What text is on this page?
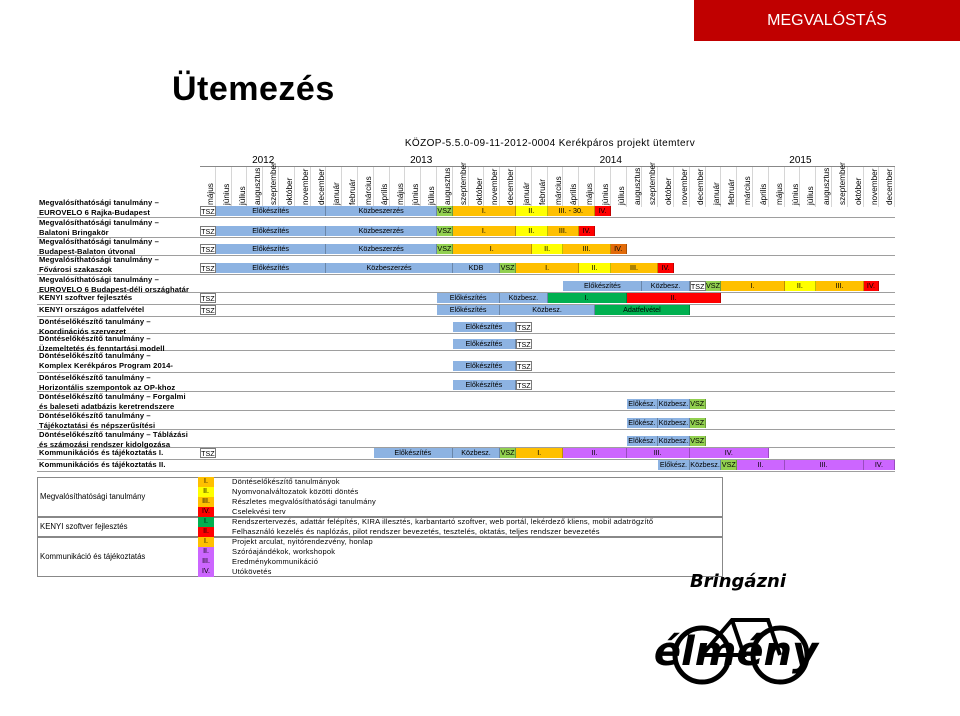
MEGVALÓSTÁS
Ütemezés
KÖZOP-5.5.0-09-11-2012-0004 Kerékpáros projekt ütemterv
2012	2013	2014	2015
május június július augusztus szeptember október november december január február március április május június július augusztus szeptember október november december január február március április május június július augusztus szeptember október november december január február március április május június július augusztus szeptember október november december
Megvalósíthatósági tanulmány –
EUROVELO 6 Rajka-Budapest	TSZ	Előkészítés	Közbeszerzés	VSZ	I.	II.	III. - 30.	IV.
Megvalósíthatósági tanulmány –
Balatoni Bringakör	TSZ	Előkészítés	Közbeszerzés	VSZ	I.	II.	III.	IV.
Megvalósíthatósági tanulmány –
Budapest-Balaton útvonal	TSZ	Előkészítés	Közbeszerzés	VSZ	I.	II.	III.	IV.
Megvalósíthatósági tanulmány –
Fővárosi szakaszok	TSZ	Előkészítés	Közbeszerzés	KDB	VSZ	I.	II.	III.	IV.
Megvalósíthatósági tanulmány –
EUROVELO 6 Budapest-déli országhatár	Előkészítés	Közbesz.	TSZ VSZ	I.	II.	III.	IV.
KENYI szoftver fejlesztés	TSZ	Előkészítés	Közbesz.	I.	II.
KENYI országos adatfelvétel	TSZ	Előkészítés	Közbesz.	Adatfelvétel
Döntéselőkészítő tanulmány –
Koordinációs szervezet
Előkészítés	TSZ
Döntéselőkészítő tanulmány –
Üzemeltetés és fenntartási modell
Előkészítés	TSZ
Döntéselőkészítő tanulmány –
Komplex Kerékpáros Program 2014-	Előkészítés	TSZ
Döntéselőkészítő tanulmány –
Horizontális szempontok az OP-khoz	Előkészítés	TSZ
Döntéselőkészítő tanulmány – Forgalmi
és baleseti adatbázis keretrendszere	Előkész. Közbesz. VSZ
Döntéselőkészítő tanulmány –
Tájékoztatási és népszerűsítési	Előkész. Közbesz. VSZ
Döntéselőkészítő tanulmány – Táblázási
és számozási rendszer kidolgozása	Előkész. Közbesz. VSZ
Kommunikációs és tájékoztatás I.	TSZ	Előkészítés	Közbesz.	VSZ	I.	II.	III.	IV.
Kommunikációs és tájékoztatás II.	Előkész. Közbesz. VSZ	II.	III.	IV.
Megvalósíthatósági tanulmány
I.	Döntéselőkészítő tanulmányok
II.	Nyomvonalváltozatok közötti döntés
III.	Részletes megvalósíthatósági tanulmány
IV.	Cselekvési terv
KENYI szoftver fejlesztés
I.	Rendszertervezés, adattár felépítés, KIRA illesztés, karbantartó szoftver, web portál, lekérdező kliens, mobil adatrögzítő
II.	Felhasználó kezelés és naplózás, pilot rendszer bevezetés, tesztelés, oktatás, teljes rendszer bevezetés
Kommunikáció és tájékoztatás
I.	Projekt arculat, nyitórendezvény, honlap
II.	Szóróajándékok, workshopok
III.	Eredménykommunikáció
IV.	Utókövetés	Bringázni
élmény
